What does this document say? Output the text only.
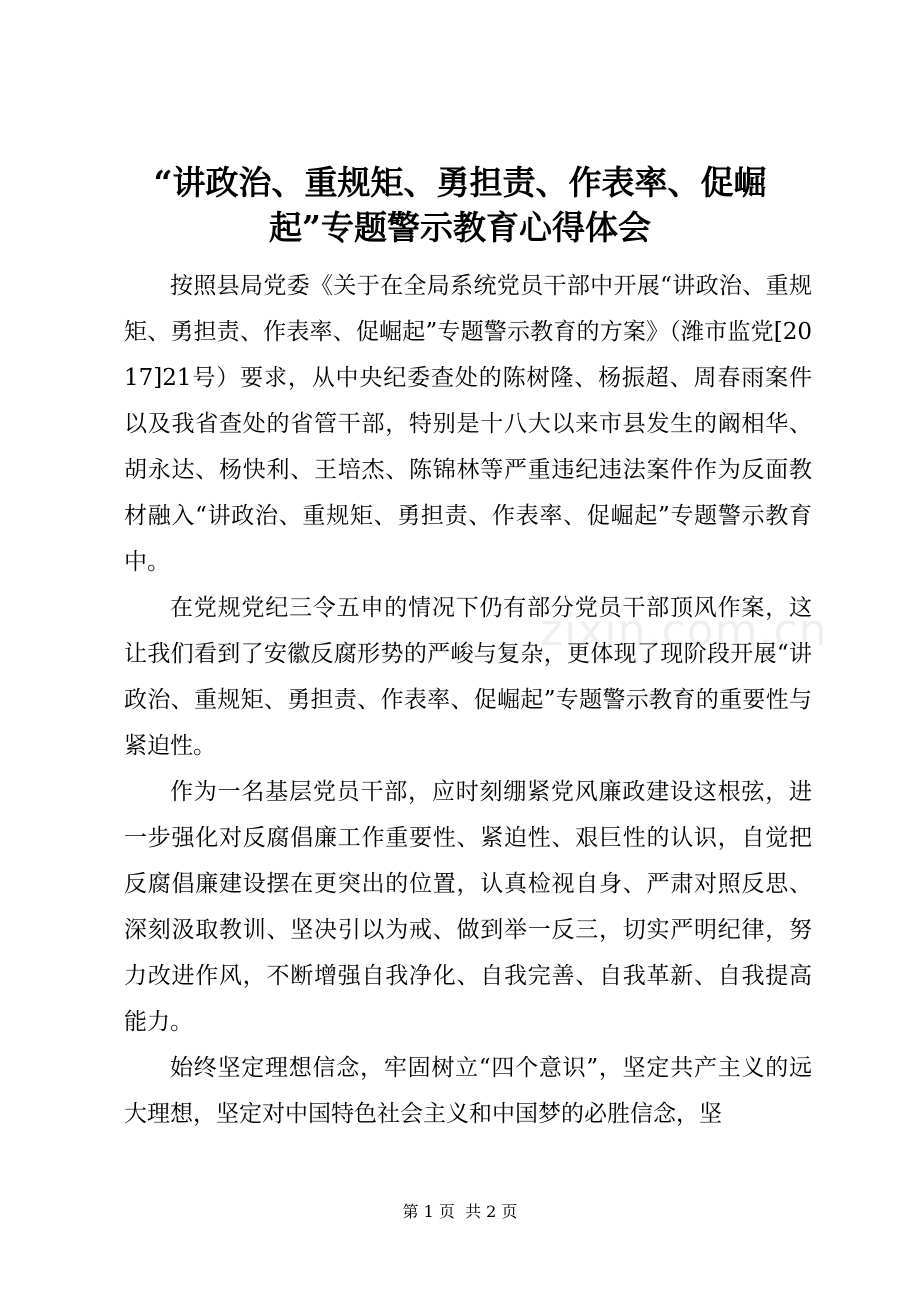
“讲政治、重规矩、勇担责、作表率、促崛
起”专题警示教育心得体会

按照县局党委《关于在全局系统党员干部中开展“讲政治、重规矩、勇担责、作表率、促崛起”专题警示教育的方案》（潍市监党[2017]21号）要求，从中央纪委查处的陈树隆、杨振超、周春雨案件以及我省查处的省管干部，特别是十八大以来市县发生的阚相华、胡永达、杨快利、王培杰、陈锦林等严重违纪违法案件作为反面教材融入“讲政治、重规矩、勇担责、作表率、促崛起”专题警示教育中。

在党规党纪三令五申的情况下仍有部分党员干部顶风作案，这让我们看到了安徽反腐形势的严峻与复杂，更体现了现阶段开展“讲政治、重规矩、勇担责、作表率、促崛起”专题警示教育的重要性与紧迫性。

作为一名基层党员干部，应时刻绷紧党风廉政建设这根弦，进一步强化对反腐倡廉工作重要性、紧迫性、艰巨性的认识，自觉把反腐倡廉建设摆在更突出的位置，认真检视自身、严肃对照反思、深刻汲取教训、坚决引以为戒、做到举一反三，切实严明纪律，努力改进作风，不断增强自我净化、自我完善、自我革新、自我提高能力。

始终坚定理想信念，牢固树立“四个意识”，坚定共产主义的远大理想，坚定对中国特色社会主义和中国梦的必胜信念，坚

zixin.com.cn
第 1 页  共 2 页
